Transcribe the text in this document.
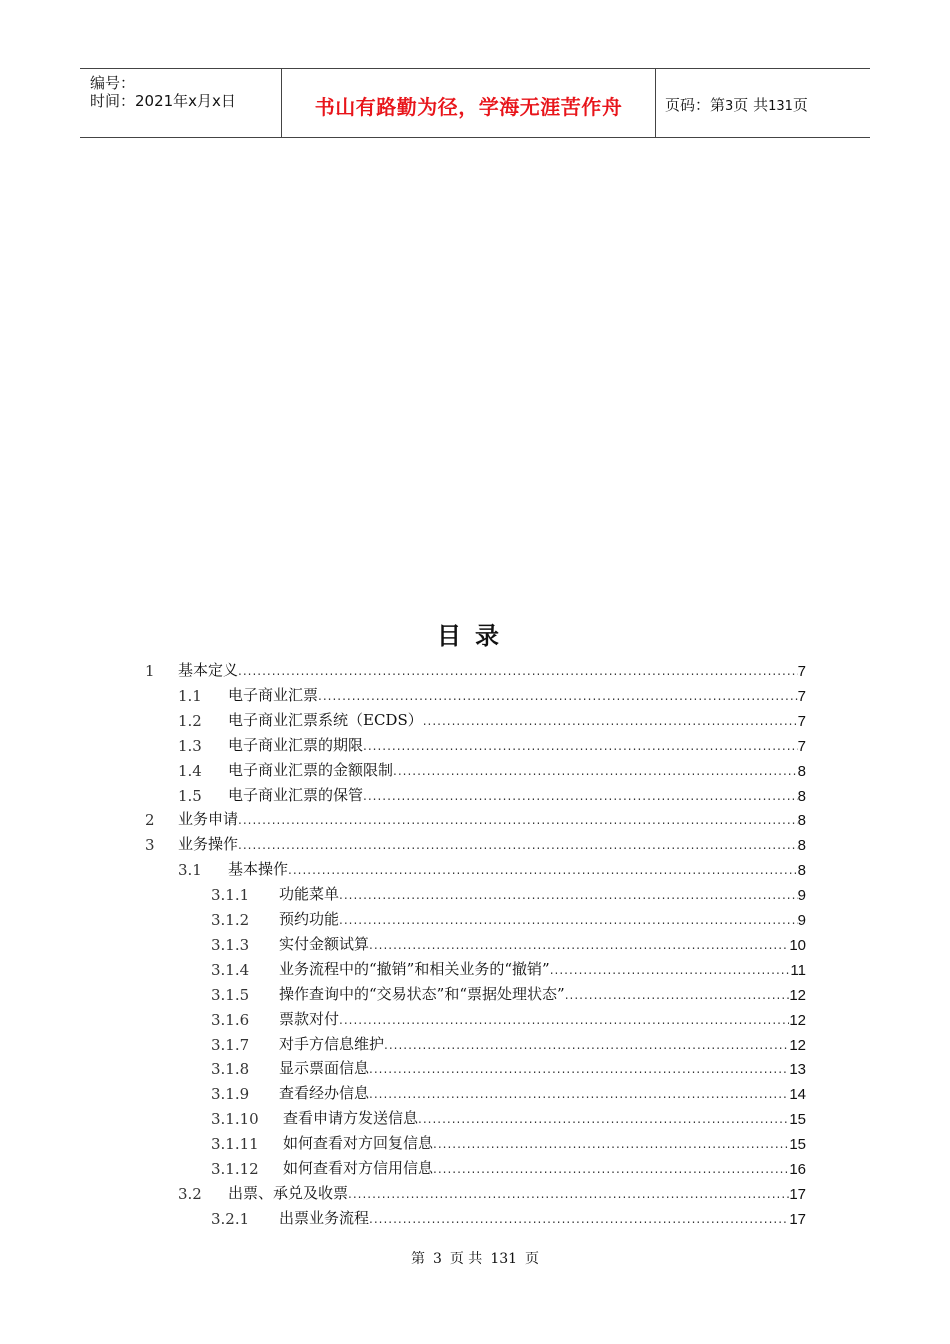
编号：
时间：2021年x月x日	书山有路勤为径，学海无涯苦作舟	页码：第3页 共131页
目录
1	基本定义 .....	7
1.1	电子商业汇票 .....	7
1.2	电子商业汇票系统（ECDS） .....	7
1.3	电子商业汇票的期限 .....	7
1.4	电子商业汇票的金额限制 .....	8
1.5	电子商业汇票的保管 .....	8
2	业务申请 .....	8
3	业务操作 .....	8
3.1	基本操作 .....	8
3.1.1	功能菜单 .....	9
3.1.2	预约功能 .....	9
3.1.3	实付金额试算 .....	10
3.1.4	业务流程中的“撤销”和相关业务的“撤销” .....	11
3.1.5	操作查询中的“交易状态”和“票据处理状态” .....	12
3.1.6	票款对付 .....	12
3.1.7	对手方信息维护 .....	12
3.1.8	显示票面信息 .....	13
3.1.9	查看经办信息 .....	14
3.1.10	查看申请方发送信息 .....	15
3.1.11	如何查看对方回复信息 .....	15
3.1.12	如何查看对方信用信息 .....	16
3.2	出票、承兑及收票 .....	17
3.2.1	出票业务流程 .....	17
第 3 页 共 131 页
